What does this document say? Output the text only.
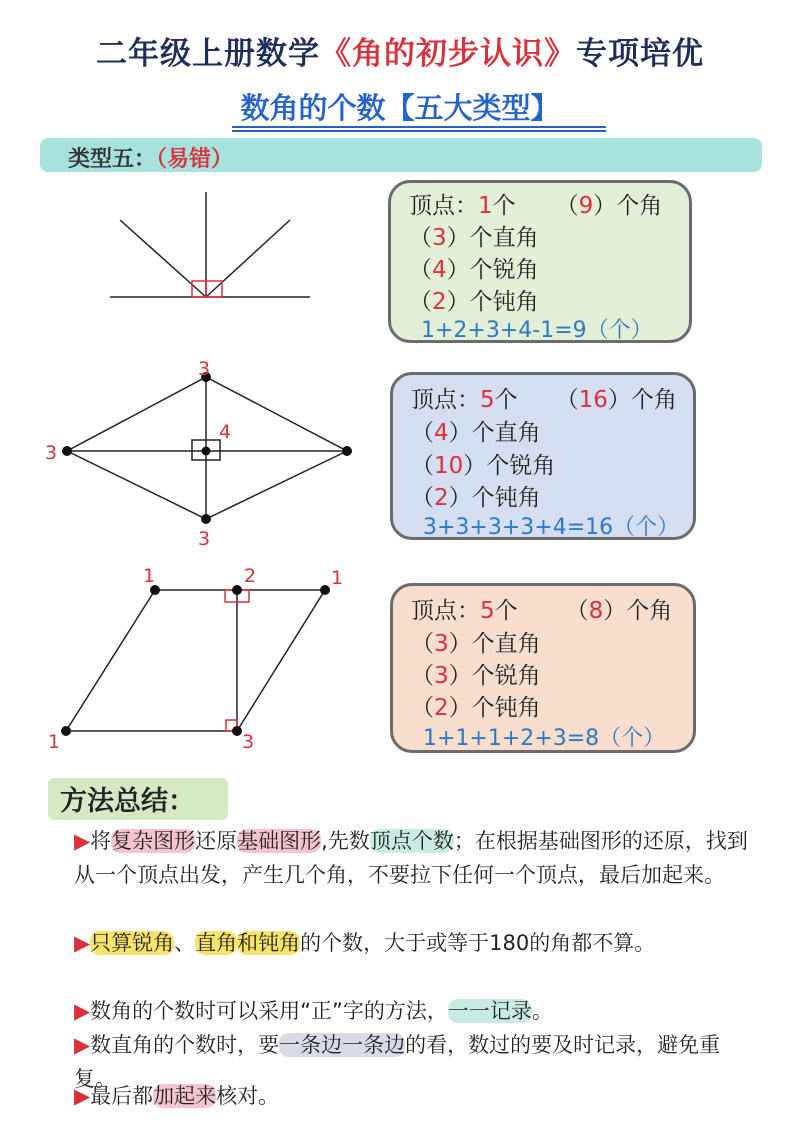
二年级上册数学《角的初步认识》专项培优
数角的个数【五大类型】
类型五：（易错）
顶点：1个 （9）个角
（3）个直角
（4）个锐角
（2）个钝角
1+2+3+4-1=9（个）
3
3
4
3
顶点：5个 （16）个角
（4）个直角
（10）个锐角
（2）个钝角
3+3+3+3+4=16（个）
1	2	1
1	3
顶点：5个 （8）个角
（3）个直角
（3）个锐角
（2）个钝角
1+1+1+2+3=8（个）
方法总结：
▶将复杂图形还原基础图形,先数顶点个数；在根据基础图形的还原，找到从一个顶点出发，产生几个角，不要拉下任何一个顶点，最后加起来。
▶只算锐角、直角和钝角的个数，大于或等于180的角都不算。
▶数角的个数时可以采用“正”字的方法，一一记录。
▶数直角的个数时，要一条边一条边的看，数过的要及时记录，避免重复。
▶最后都加起来核对。
